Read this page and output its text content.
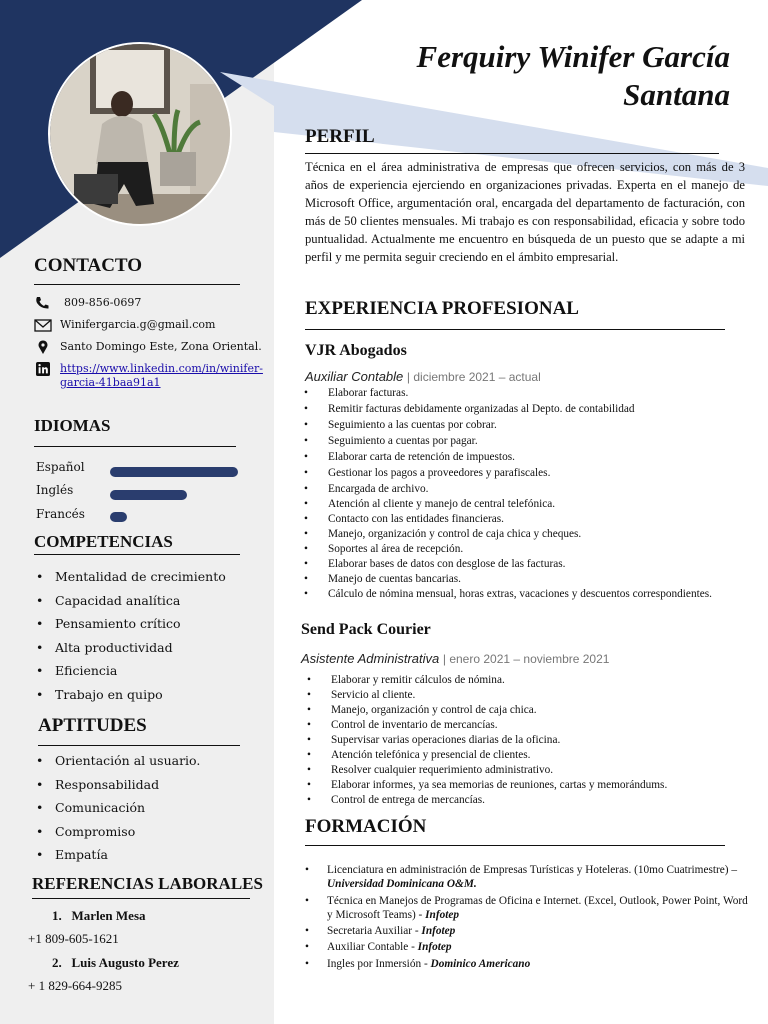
Ferquiry Winifer García
Santana
CONTACTO
809-856-0697
Winifergarcia.g@gmail.com
Santo Domingo Este, Zona Oriental.
https://www.linkedin.com/in/winifer-garcia-41baa91a1
IDIOMAS
Español
Inglés
Francés
COMPETENCIAS
• Mentalidad de crecimiento
• Capacidad analítica
• Pensamiento crítico
• Alta productividad
• Eficiencia
• Trabajo en quipo
APTITUDES
• Orientación al usuario.
• Responsabilidad
• Comunicación
• Compromiso
• Empatía
REFERENCIAS LABORALES
1. Marlen Mesa
+1 809-605-1621
2. Luis Augusto Perez
+ 1 829-664-9285
PERFIL
Técnica en el área administrativa de empresas que ofrecen servicios, con más de 3 años de experiencia ejerciendo en organizaciones privadas. Experta en el manejo de Microsoft Office, argumentación oral, encargada del departamento de facturación, con más de 50 clientes mensuales. Mi trabajo es con responsabilidad, eficacia y sobre todo puntualidad. Actualmente me encuentro en búsqueda de un puesto que se adapte a mi perfil y me permita seguir creciendo en el ámbito empresarial.
EXPERIENCIA PROFESIONAL
VJR Abogados
Auxiliar Contable | diciembre 2021 – actual
• Elaborar facturas.
• Remitir facturas debidamente organizadas al Depto. de contabilidad
• Seguimiento a las cuentas por cobrar.
• Seguimiento a cuentas por pagar.
• Elaborar carta de retención de impuestos.
• Gestionar los pagos a proveedores y parafiscales.
• Encargada de archivo.
• Atención al cliente y manejo de central telefónica.
• Contacto con las entidades financieras.
• Manejo, organización y control de caja chica y cheques.
• Soportes al área de recepción.
• Elaborar bases de datos con desglose de las facturas.
• Manejo de cuentas bancarias.
• Cálculo de nómina mensual, horas extras, vacaciones y descuentos correspondientes.
Send Pack Courier
Asistente Administrativa | enero 2021 – noviembre 2021
• Elaborar y remitir cálculos de nómina.
• Servicio al cliente.
• Manejo, organización y control de caja chica.
• Control de inventario de mercancías.
• Supervisar varias operaciones diarias de la oficina.
• Atención telefónica y presencial de clientes.
• Resolver cualquier requerimiento administrativo.
• Elaborar informes, ya sea memorias de reuniones, cartas y memorándums.
• Control de entrega de mercancías.
FORMACIÓN
• Licenciatura en administración de Empresas Turísticas y Hoteleras. (10mo Cuatrimestre) – Universidad Dominicana O&M.
• Técnica en Manejos de Programas de Oficina e Internet. (Excel, Outlook, Power Point, Word y Microsoft Teams) - Infotep
• Secretaria Auxiliar - Infotep
• Auxiliar Contable - Infotep
• Ingles por Inmersión - Dominico Americano
